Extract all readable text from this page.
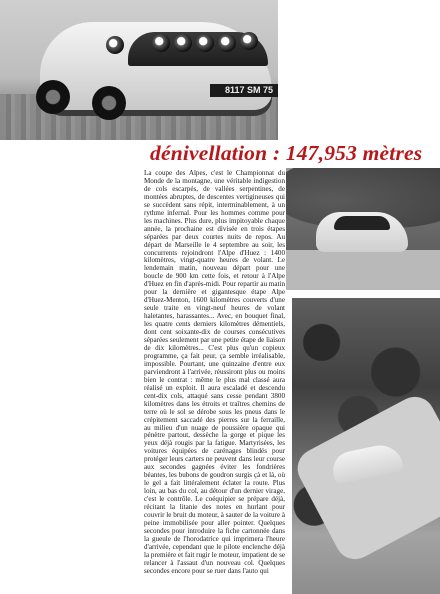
8117 SM 75
dénivellation : 147,953 mètres

La coupe des Alpes, c'est le Championnat du Monde de la montagne, une véritable indigestion de cols escarpés, de vallées serpentines, de montées abruptes, de descentes vertigineuses qui se succèdent sans répit, interminablement, à un rythme infernal. Pour les hommes comme pour les machines. Plus dure, plus impitoyable chaque année, la prochaine est divisée en trois étapes séparées par deux courtes nuits de repos. Au départ de Marseille le 4 septembre au soir, les concurrents rejoindront l'Alpe d'Huez : 1400 kilomètres, vingt-quatre heures de volant. Le lendemain matin, nouveau départ pour une boucle de 900 km cette fois, et retour à l'Alpe d'Huez en fin d'après-midi. Pour repartir au matin pour la dernière et gigantesque étape Alpe d'Huez-Menton, 1600 kilomètres couverts d'une seule traite en vingt-neuf heures de volant haletantes, harassantes... Avec, en bouquet final, les quatre cents derniers kilomètres démentiels, dont cent soixante-dix de courses consécutives séparées seulement par une petite étape de liaison de dix kilomètres... C'est plus qu'un copieux programme, ça fait peur, ça semble irréalisable, impossible. Pourtant, une quinzaine d'entre eux parviendront à l'arrivée, réussiront plus ou moins bien le contrat : même le plus mal classé aura réalisé un exploit. Il aura escaladé et descendu cent-dix cols, attaqué sans cesse pendant 3800 kilomètres dans les étroits et traîtres chemins de terre où le sol se dérobe sous les pneus dans le crépitement saccadé des pierres sur la ferraille, au milieu d'un nuage de poussière opaque qui pénètre partout, dessèche la gorge et pique les yeux déjà rougis par la fatigue. Martyrisées, les voitures équipées de carénages blindés pour protéger leurs carters ne peuvent dans leur course aux secondes gagnées éviter les fondrières béantes, les bubons de goudron surgis çà et là, où le gel a fait littéralement éclater la route. Plus loin, au bas du col, au détour d'un dernier virage, c'est le contrôle. Le coéquipier se prépare déjà, récitant la litanie des notes en hurlant pour couvrir le bruit du moteur, à sauter de la voiture à peine immobilisée pour aller pointer. Quelques secondes pour introduire la fiche cartonnée dans la gueule de l'horodatrice qui imprimera l'heure d'arrivée, cependant que le pilote enclenche déjà la première et fait rugir le moteur, impatient de se relancer à l'assaut d'un nouveau col. Quelques secondes encore pour se ruer dans l'auto qui
